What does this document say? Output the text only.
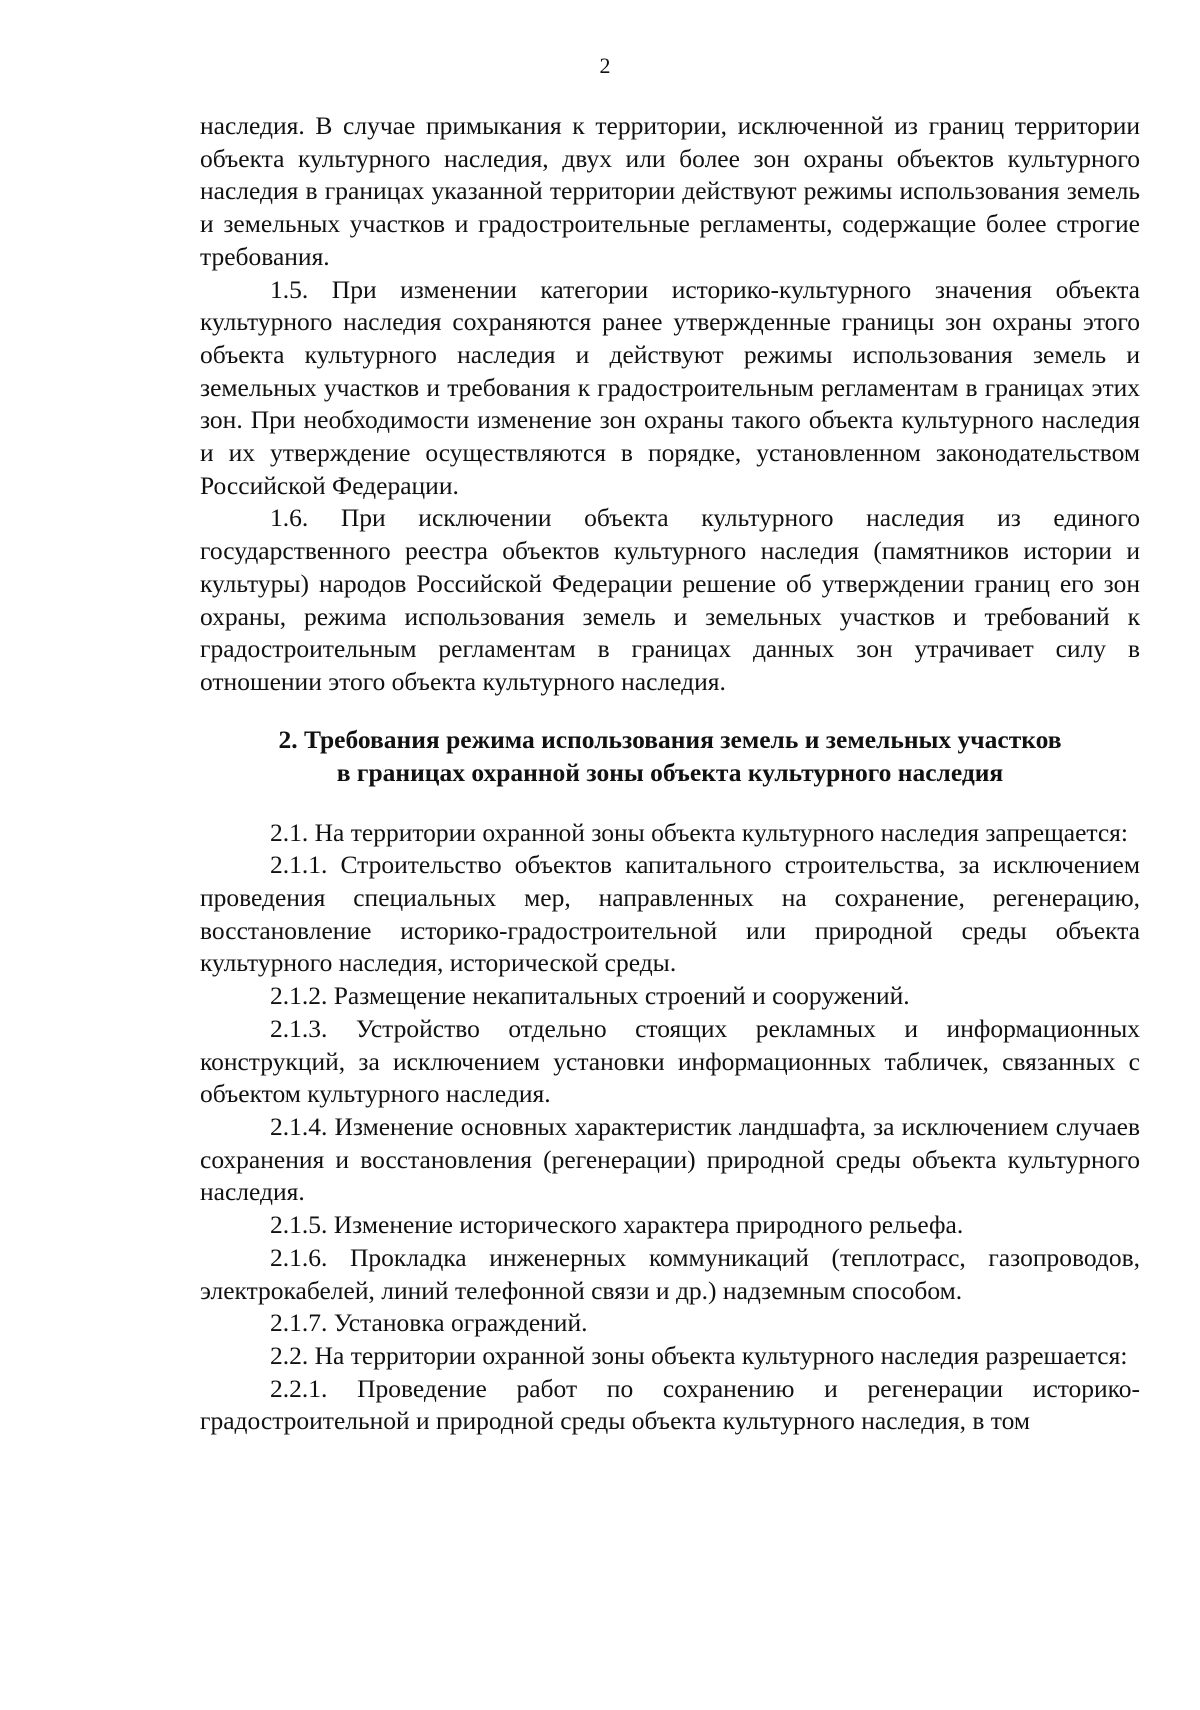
2

наследия. В случае примыкания к территории, исключенной из границ территории объекта культурного наследия, двух или более зон охраны объектов культурного наследия в границах указанной территории действуют режимы использования земель и земельных участков и градостроительные регламенты, содержащие более строгие требования.

1.5. При изменении категории историко-культурного значения объекта культурного наследия сохраняются ранее утвержденные границы зон охраны этого объекта культурного наследия и действуют режимы использования земель и земельных участков и требования к градостроительным регламентам в границах этих зон. При необходимости изменение зон охраны такого объекта культурного наследия и их утверждение осуществляются в порядке, установленном законодательством Российской Федерации.

1.6. При исключении объекта культурного наследия из единого государственного реестра объектов культурного наследия (памятников истории и культуры) народов Российской Федерации решение об утверждении границ его зон охраны, режима использования земель и земельных участков и требований к градостроительным регламентам в границах данных зон утрачивает силу в отношении этого объекта культурного наследия.

2. Требования режима использования земель и земельных участков
в границах охранной зоны объекта культурного наследия

2.1. На территории охранной зоны объекта культурного наследия запрещается:

2.1.1. Строительство объектов капитального строительства, за исключением проведения специальных мер, направленных на сохранение, регенерацию, восстановление историко-градостроительной или природной среды объекта культурного наследия, исторической среды.

2.1.2. Размещение некапитальных строений и сооружений.

2.1.3. Устройство отдельно стоящих рекламных и информационных конструкций, за исключением установки информационных табличек, связанных с объектом культурного наследия.

2.1.4. Изменение основных характеристик ландшафта, за исключением случаев сохранения и восстановления (регенерации) природной среды объекта культурного наследия.

2.1.5. Изменение исторического характера природного рельефа.

2.1.6. Прокладка инженерных коммуникаций (теплотрасс, газопроводов, электрокабелей, линий телефонной связи и др.) надземным способом.

2.1.7. Установка ограждений.

2.2. На территории охранной зоны объекта культурного наследия разрешается:

2.2.1. Проведение работ по сохранению и регенерации историко-градостроительной и природной среды объекта культурного наследия, в том
